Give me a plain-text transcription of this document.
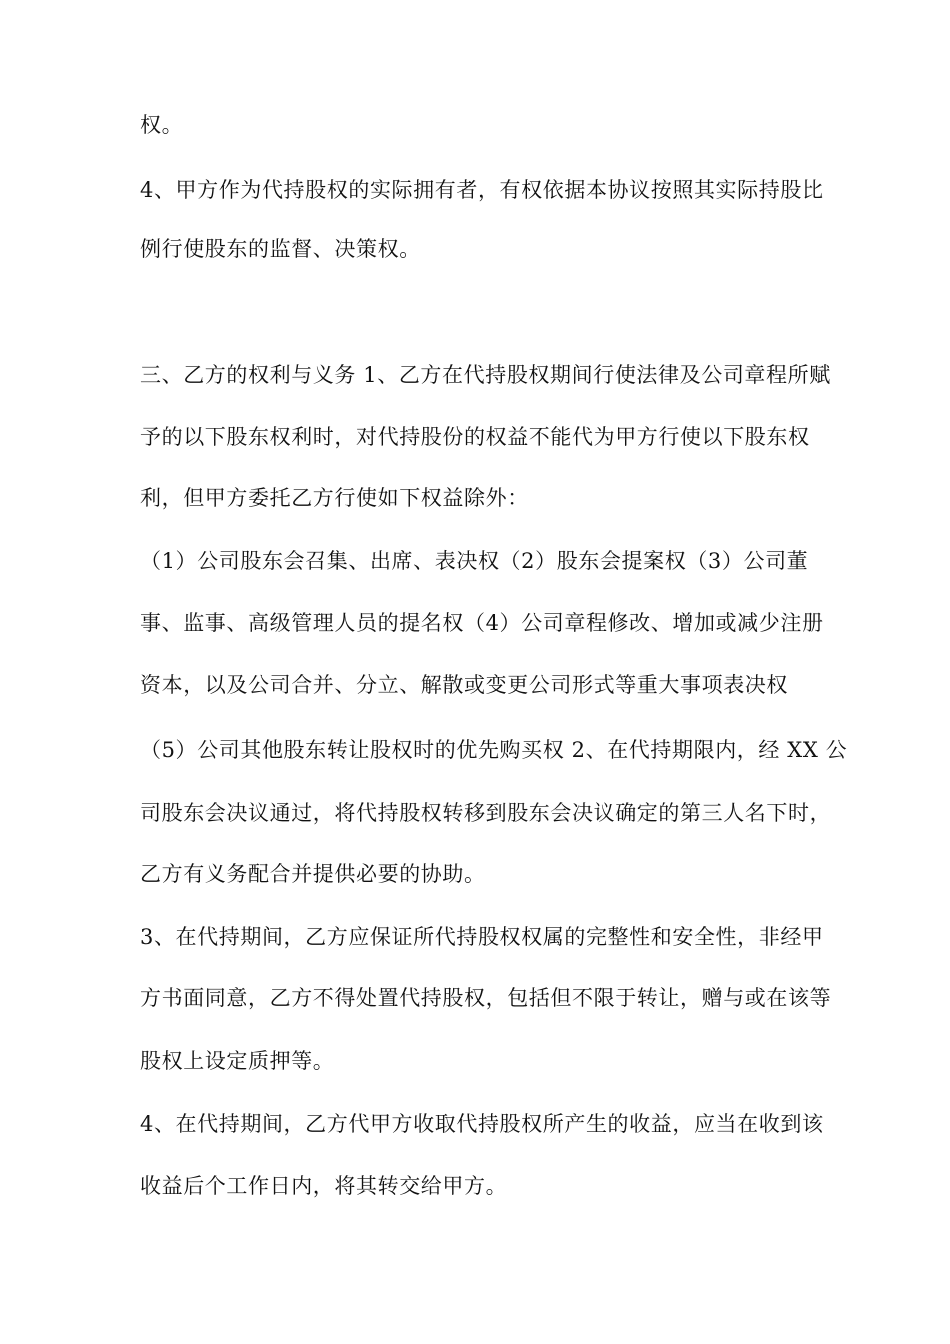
权。
4、甲方作为代持股权的实际拥有者，有权依据本协议按照其实际持股比
例行使股东的监督、决策权。
三、乙方的权利与义务 1、乙方在代持股权期间行使法律及公司章程所赋
予的以下股东权利时，对代持股份的权益不能代为甲方行使以下股东权
利，但甲方委托乙方行使如下权益除外：
（1）公司股东会召集、出席、表决权（2）股东会提案权（3）公司董
事、监事、高级管理人员的提名权（4）公司章程修改、增加或减少注册
资本，以及公司合并、分立、解散或变更公司形式等重大事项表决权
（5）公司其他股东转让股权时的优先购买权 2、在代持期限内，经 XX 公
司股东会决议通过，将代持股权转移到股东会决议确定的第三人名下时，
乙方有义务配合并提供必要的协助。
3、在代持期间，乙方应保证所代持股权权属的完整性和安全性，非经甲
方书面同意，乙方不得处置代持股权，包括但不限于转让，赠与或在该等
股权上设定质押等。
4、在代持期间，乙方代甲方收取代持股权所产生的收益，应当在收到该
收益后个工作日内，将其转交给甲方。
